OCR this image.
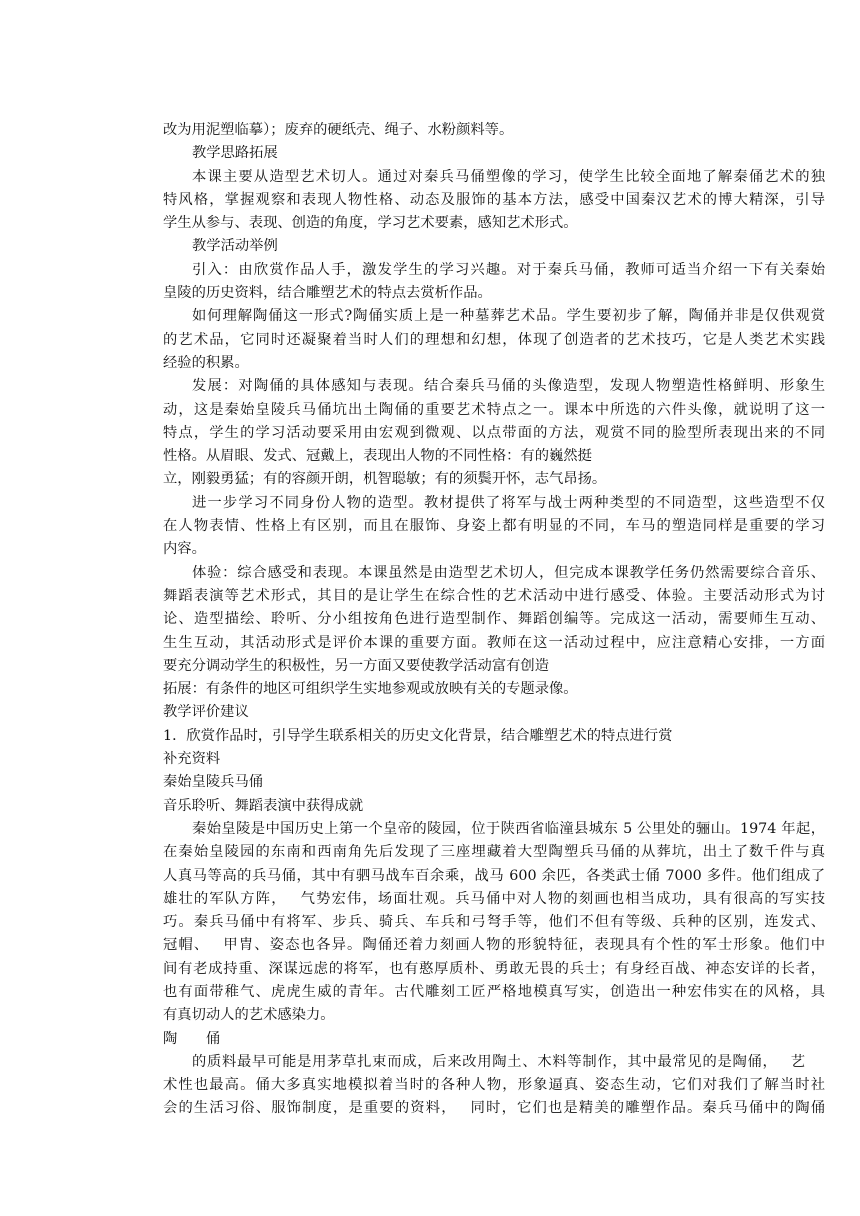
改为用泥塑临摹）；废弃的硬纸壳、绳子、水粉颜料等。
教学思路拓展
本课主要从造型艺术切人。通过对秦兵马俑塑像的学习，使学生比较全面地了解秦俑艺术的独
特风格，掌握观察和表现人物性格、动态及服饰的基本方法，感受中国秦汉艺术的博大精深，引导
学生从参与、表现、创造的角度，学习艺术要素，感知艺术形式。
教学活动举例
引入：由欣赏作品人手，激发学生的学习兴趣。对于秦兵马俑，教师可适当介绍一下有关秦始
皇陵的历史资料，结合雕塑艺术的特点去赏析作品。
如何理解陶俑这一形式?陶俑实质上是一种墓葬艺术品。学生要初步了解，陶俑并非是仅供观赏
的艺术品，它同时还凝聚着当时人们的理想和幻想，体现了创造者的艺术技巧，它是人类艺术实践
经验的积累。
发展：对陶俑的具体感知与表现。结合秦兵马俑的头像造型，发现人物塑造性格鲜明、形象生
动，这是秦始皇陵兵马俑坑出土陶俑的重要艺术特点之一。课本中所选的六件头像，就说明了这一
特点，学生的学习活动要采用由宏观到微观、以点带面的方法，观赏不同的脸型所表现出来的不同
性格。从眉眼、发式、冠戴上，表现出人物的不同性格：有的巍然挺
立，刚毅勇猛；有的容颜开朗，机智聪敏；有的须鬓开怀，志气昂扬。
进一步学习不同身份人物的造型。教材提供了将军与战士两种类型的不同造型，这些造型不仅
在人物表情、性格上有区别，而且在服饰、身姿上都有明显的不同，车马的塑造同样是重要的学习
内容。
体验：综合感受和表现。本课虽然是由造型艺术切人，但完成本课教学任务仍然需要综合音乐、
舞蹈表演等艺术形式，其目的是让学生在综合性的艺术活动中进行感受、体验。主要活动形式为讨
论、造型描绘、聆听、分小组按角色进行造型制作、舞蹈创编等。完成这一活动，需要师生互动、
生生互动，其活动形式是评价本课的重要方面。教师在这一活动过程中，应注意精心安排，一方面
要充分调动学生的积极性，另一方面又要使教学活动富有创造
拓展：有条件的地区可组织学生实地参观或放映有关的专题录像。
教学评价建议
1．欣赏作品时，引导学生联系相关的历史文化背景，结合雕塑艺术的特点进行赏
补充资料
秦始皇陵兵马俑
音乐聆听、舞蹈表演中获得成就
秦始皇陵是中国历史上第一个皇帝的陵园，位于陕西省临潼县城东 5 公里处的骊山。1974 年起，
在秦始皇陵园的东南和西南角先后发现了三座埋藏着大型陶塑兵马俑的从葬坑，出土了数千件与真
人真马等高的兵马俑，其中有驷马战车百余乘，战马 600 余匹，各类武士俑 7000 多件。他们组成了
雄壮的军队方阵，　 气势宏伟，场面壮观。兵马俑中对人物的刻画也相当成功，具有很高的写实技
巧。秦兵马俑中有将军、步兵、骑兵、车兵和弓弩手等，他们不但有等级、兵种的区别，连发式、
冠帽、　 甲胄、姿态也各异。陶俑还着力刻画人物的形貌特征，表现具有个性的军士形象。他们中
间有老成持重、深谋远虑的将军，也有憨厚质朴、勇敢无畏的兵士；有身经百战、神态安详的长者，
也有面带稚气、虎虎生威的青年。古代雕刻工匠严格地模真写实，创造出一种宏伟实在的风格，具
有真切动人的艺术感染力。
陶　　俑
的质料最早可能是用茅草扎束而成，后来改用陶土、木料等制作，其中最常见的是陶俑，　 艺
术性也最高。俑大多真实地模拟着当时的各种人物，形象逼真、姿态生动，它们对我们了解当时社
会的生活习俗、服饰制度，是重要的资料，　 同时，它们也是精美的雕塑作品。秦兵马俑中的陶俑
